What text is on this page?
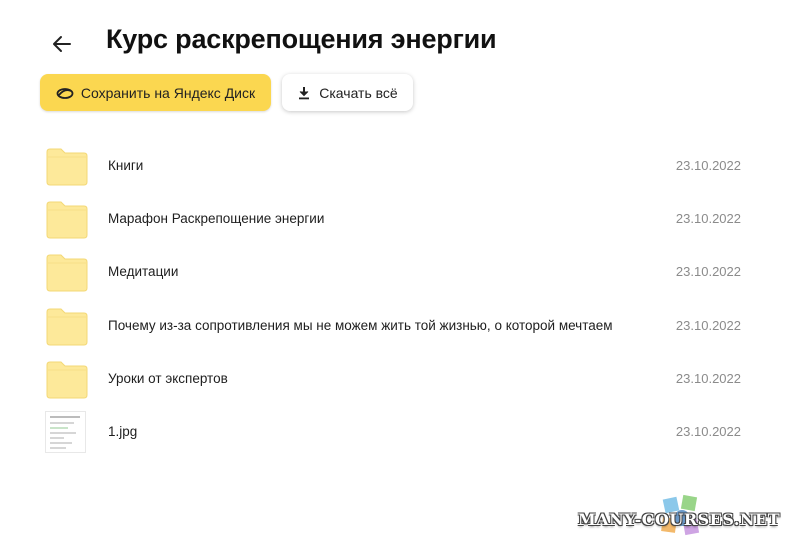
Курс раскрепощения энергии
Сохранить на Яндекс Диск	Скачать всё
Книги	23.10.2022
Марафон Раскрепощение энергии	23.10.2022
Медитации	23.10.2022
Почему из-за сопротивления мы не можем жить той жизнью, о которой мечтаем	23.10.2022
Уроки от экспертов	23.10.2022
1.jpg	23.10.2022
MANY-COURSES.NET
